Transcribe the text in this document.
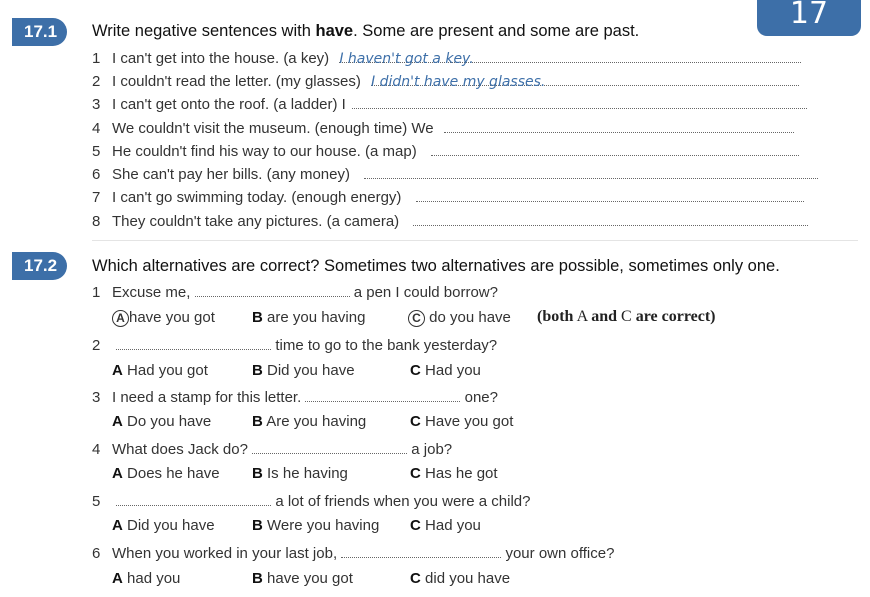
17
17.1	Write negative sentences with have. Some are present and some are past.
1 I can't get into the house. (a key) I haven't got a key.
2 I couldn't read the letter. (my glasses) I didn't have my glasses.
3 I can't get onto the roof. (a ladder) I
4 We couldn't visit the museum. (enough time) We
5 He couldn't find his way to our house. (a map)
6 She can't pay her bills. (any money)
7 I can't go swimming today. (enough energy)
8 They couldn't take any pictures. (a camera)
17.2	Which alternatives are correct? Sometimes two alternatives are possible, sometimes only one.
1 Excuse me,	a pen I could borrow?
A have you got B are you having	C do you have (both A and C are correct)
2	time to go to the bank yesterday?
A Had you got	B Did you have	C Had you
3 I need a stamp for this letter.	one?
A Do you have	B Are you having	C Have you got
4 What does Jack do?	a job?
A Does he have B Is he having	C Has he got
5	a lot of friends when you were a child?
A Did you have B Were you having C Had you
6 When you worked in your last job,	your own office?
A had you	B have you got	C did you have
